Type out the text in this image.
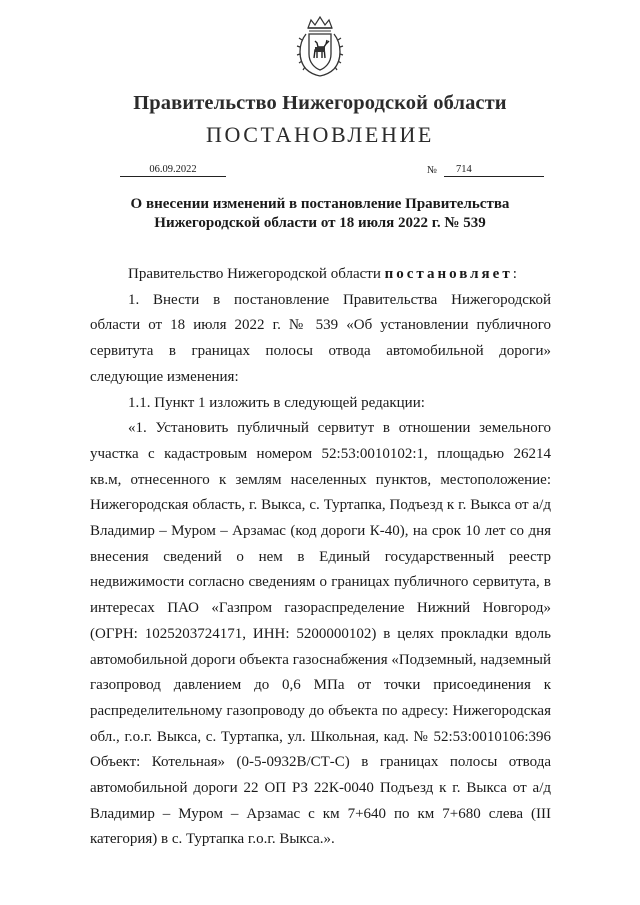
Правительство Нижегородской области
ПОСТАНОВЛЕНИЕ
06.09.2022	№	714
О внесении изменений в постановление Правительства
Нижегородской области от 18 июля 2022 г. № 539

Правительство Нижегородской области постановляет:

1. Внести в постановление Правительства Нижегородской области от 18 июля 2022 г. № 539 «Об установлении публичного сервитута в границах полосы отвода автомобильной дороги» следующие изменения:

1.1. Пункт 1 изложить в следующей редакции:

«1. Установить публичный сервитут в отношении земельного участка с кадастровым номером 52:53:0010102:1, площадью 26214 кв.м, отнесенного к землям населенных пунктов, местоположение: Нижегородская область, г. Выкса, с. Туртапка, Подъезд к г. Выкса от а/д Владимир – Муром – Арзамас (код дороги К-40), на срок 10 лет со дня внесения сведений о нем в Единый государственный реестр недвижимости согласно сведениям о границах публичного сервитута, в интересах ПАО «Газпром газораспределение Нижний Новгород» (ОГРН: 1025203724171, ИНН: 5200000102) в целях прокладки вдоль автомобильной дороги объекта газоснабжения «Подземный, надземный газопровод давлением до 0,6 МПа от точки присоединения к распределительному газопроводу до объекта по адресу: Нижегородская обл., г.о.г. Выкса, с. Туртапка, ул. Школьная, кад. № 52:53:0010106:396 Объект: Котельная» (0-5-0932В/СТ-С) в границах полосы отвода автомобильной дороги 22 ОП РЗ 22К-0040 Подъезд к г. Выкса от а/д Владимир – Муром – Арзамас с км 7+640 по км 7+680 слева (III категория) в с. Туртапка г.о.г. Выкса.».
